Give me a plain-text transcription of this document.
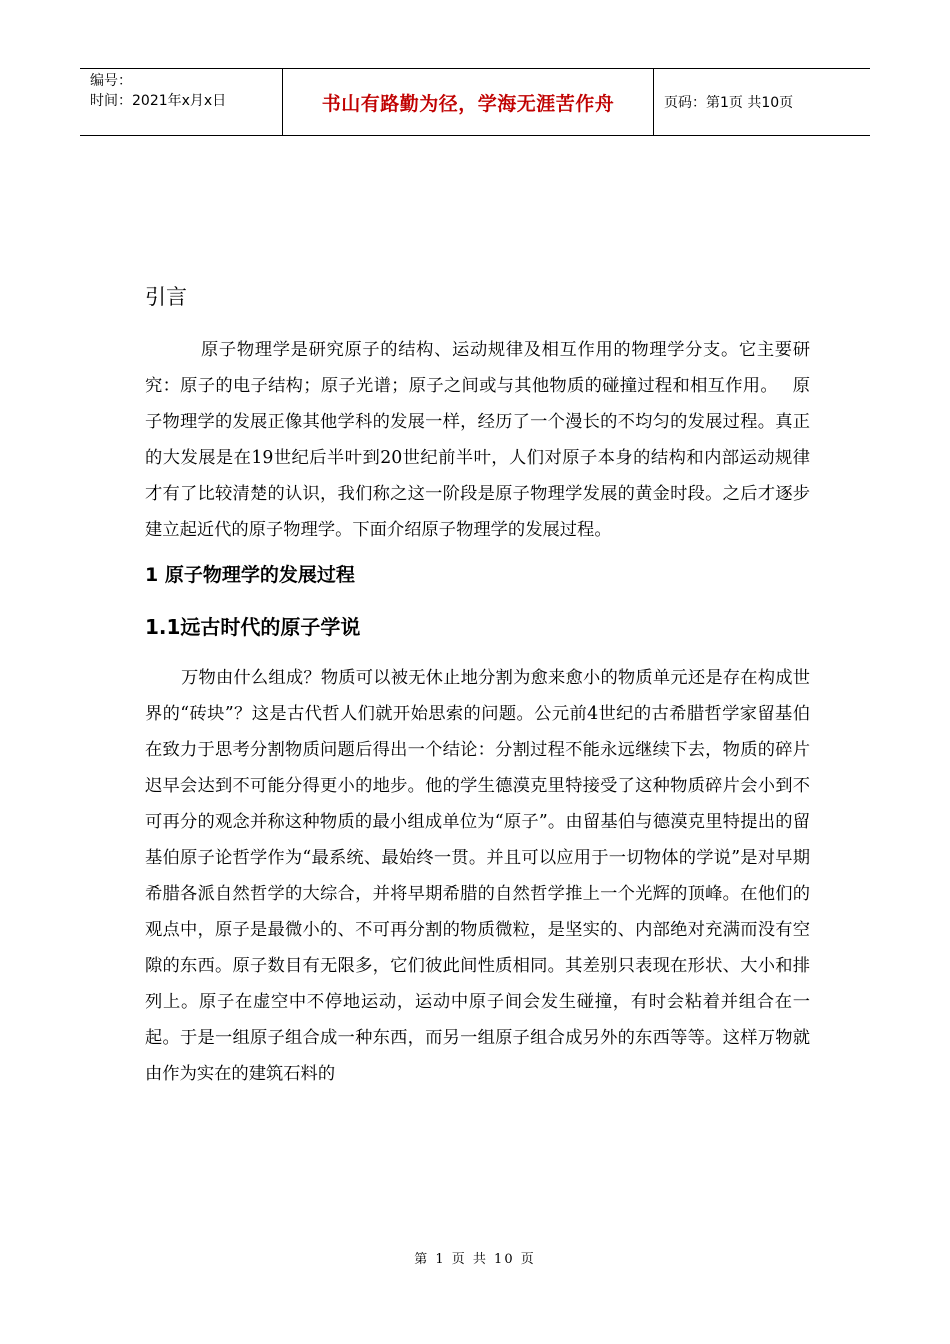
编号：
时间：2021年x月x日	书山有路勤为径，学海无涯苦作舟	页码：第1页 共10页
引言

原子物理学是研究原子的结构、运动规律及相互作用的物理学分支。它主要研究：原子的电子结构；原子光谱；原子之间或与其他物质的碰撞过程和相互作用。　 原子物理学的发展正像其他学科的发展一样，经历了一个漫长的不均匀的发展过程。真正的大发展是在19世纪后半叶到20世纪前半叶，人们对原子本身的结构和内部运动规律才有了比较清楚的认识，我们称之这一阶段是原子物理学发展的黄金时段。之后才逐步建立起近代的原子物理学。下面介绍原子物理学的发展过程。

1 原子物理学的发展过程
1.1远古时代的原子学说

万物由什么组成？物质可以被无休止地分割为愈来愈小的物质单元还是存在构成世界的“砖块”？这是古代哲人们就开始思索的问题。公元前4世纪的古希腊哲学家留基伯在致力于思考分割物质问题后得出一个结论：分割过程不能永远继续下去，物质的碎片迟早会达到不可能分得更小的地步。他的学生德漠克里特接受了这种物质碎片会小到不可再分的观念并称这种物质的最小组成单位为“原子”。由留基伯与德漠克里特提出的留基伯原子论哲学作为“最系统、最始终一贯。并且可以应用于一切物体的学说”是对早期希腊各派自然哲学的大综合，并将早期希腊的自然哲学推上一个光辉的顶峰。在他们的观点中，原子是最微小的、不可再分割的物质微粒，是坚实的、内部绝对充满而没有空隙的东西。原子数目有无限多，它们彼此间性质相同。其差别只表现在形状、大小和排列上。原子在虚空中不停地运动，运动中原子间会发生碰撞，有时会粘着并组合在一起。于是一组原子组合成一种东西，而另一组原子组合成另外的东西等等。这样万物就由作为实在的建筑石料的

第 1 页 共 10 页
